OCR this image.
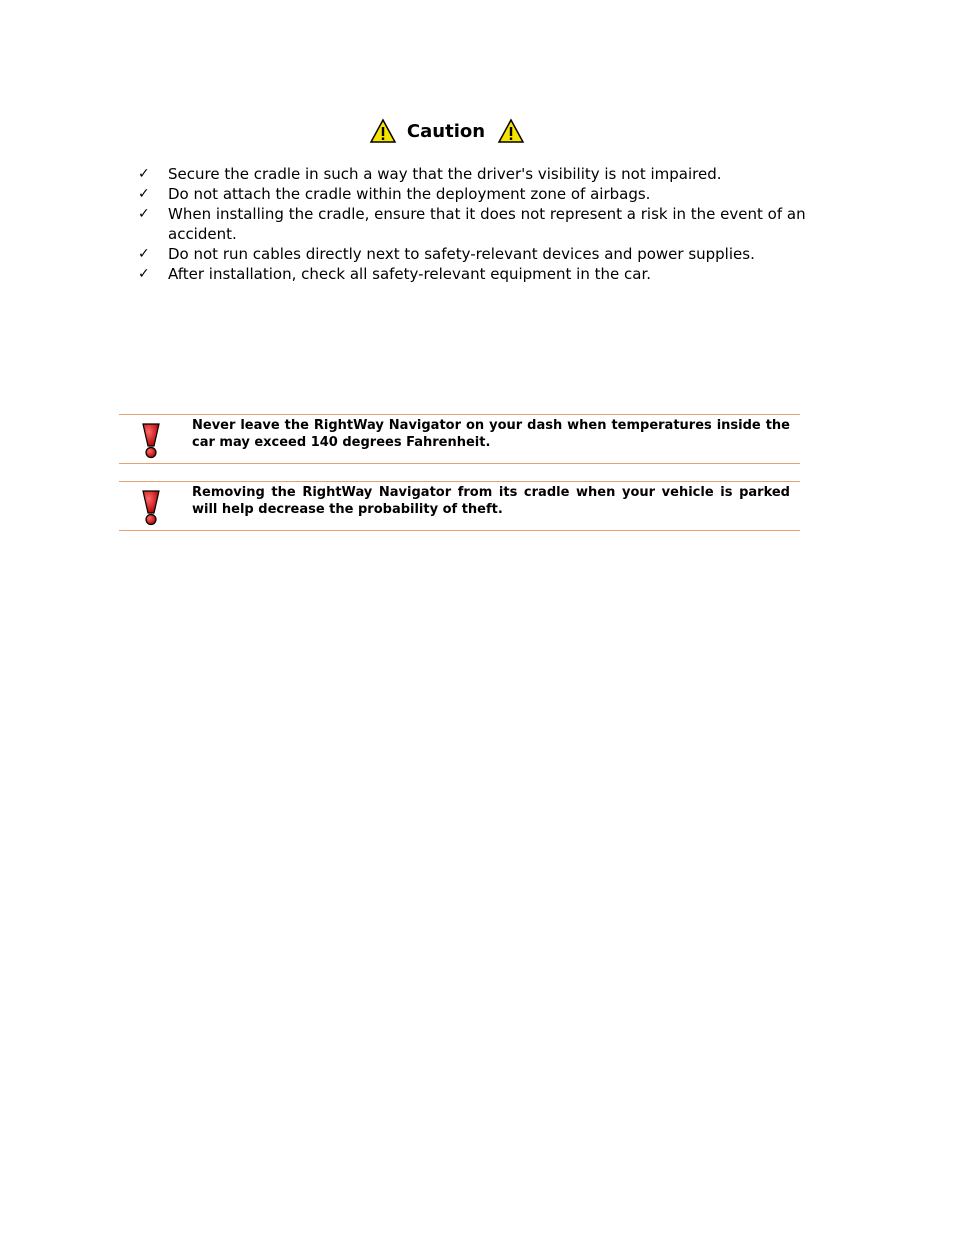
Caution
✓	Secure the cradle in such a way that the driver's visibility is not impaired.
✓	Do not attach the cradle within the deployment zone of airbags.
✓	When installing the cradle, ensure that it does not represent a risk in the event of an accident.
✓	Do not run cables directly next to safety-relevant devices and power supplies.
✓	After installation, check all safety-relevant equipment in the car.
Never leave the RightWay Navigator on your dash when temperatures inside the car may exceed 140 degrees Fahrenheit.
Removing the RightWay Navigator from its cradle when your vehicle is parked will help decrease the probability of theft.
